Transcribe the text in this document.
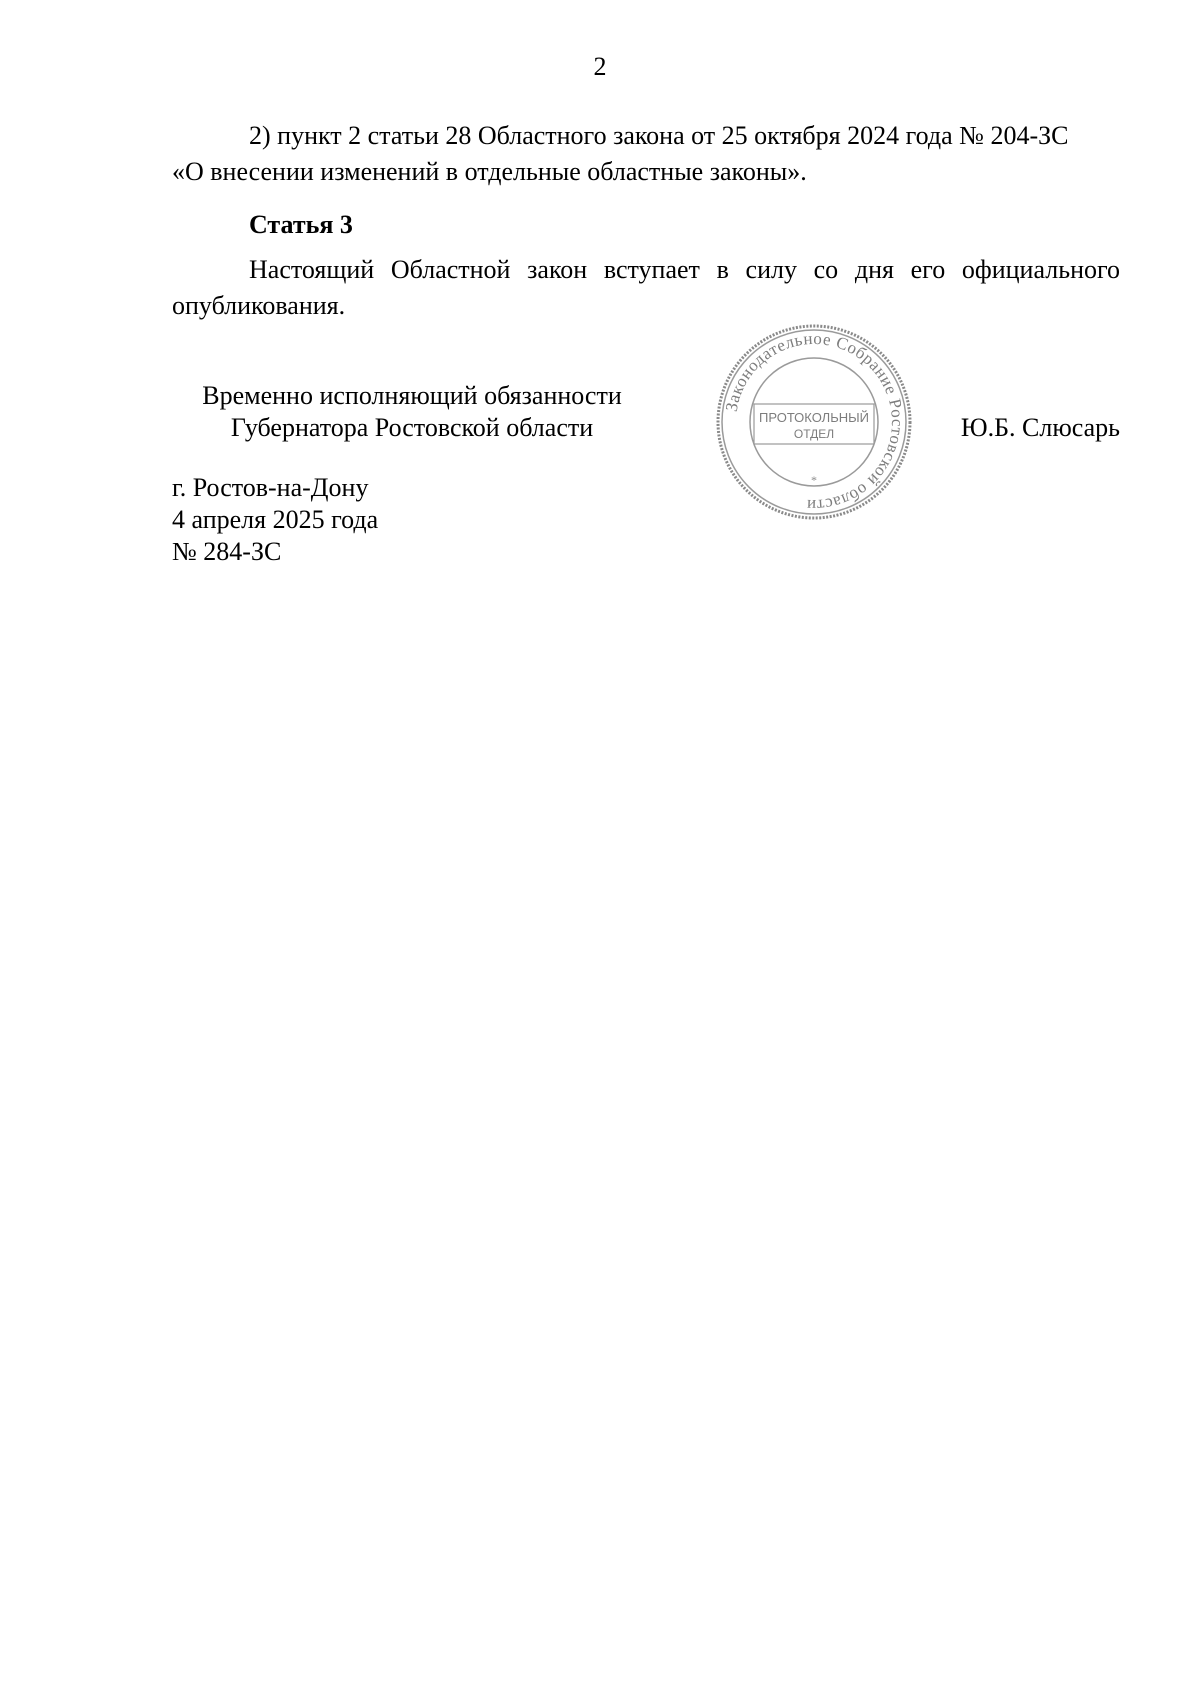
2
2) пункт 2 статьи 28 Областного закона от 25 октября 2024 года № 204-ЗС
«О внесении изменений в отдельные областные законы».
Статья 3
Настоящий Областной закон вступает в силу со дня его официального
опубликования.
Временно исполняющий обязанности
Губернатора Ростовской области
Законодательное Собрание Ростовской области
*
ПРОТОКОЛЬНЫЙ
ОТДЕЛ	Ю.Б. Слюсарь
г. Ростов-на-Дону
4 апреля 2025 года
№ 284-ЗС
